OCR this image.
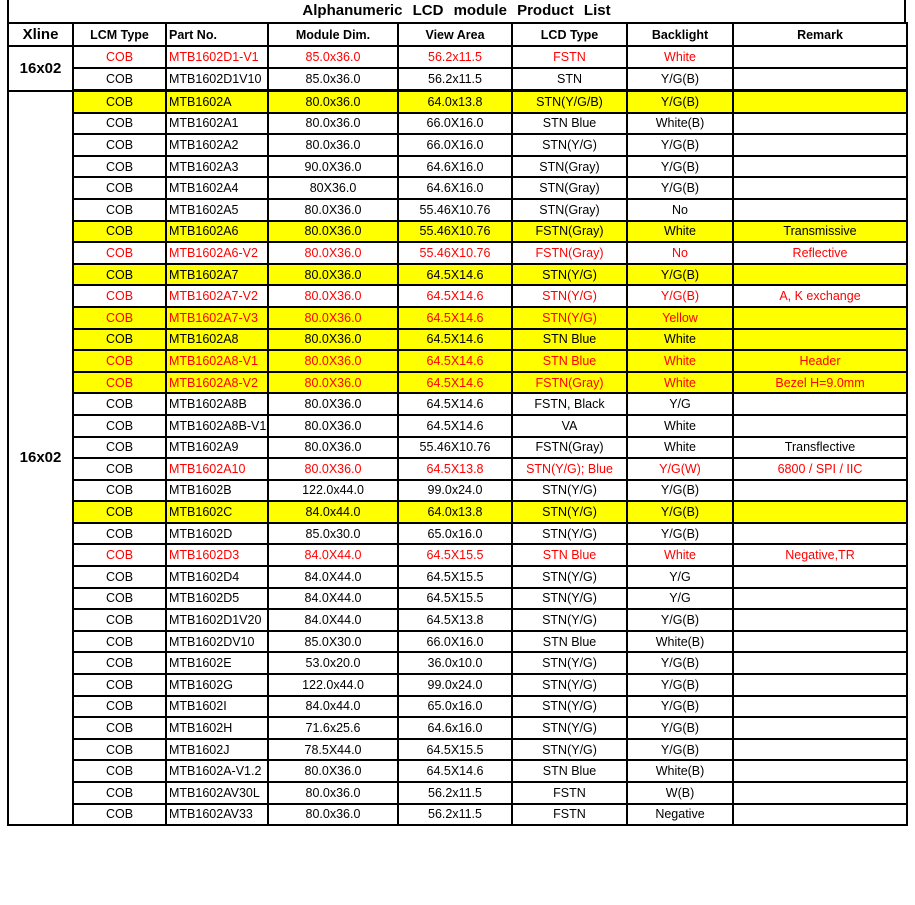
Alphanumeric LCD module Product List
Xline	LCM Type	Part No.	Module Dim.	View Area	LCD Type	Backlight	Remark
16x02	COB	MTB1602D1-V1	85.0x36.0	56.2x11.5	FSTN	White	
	COB	MTB1602D1V10	85.0x36.0	56.2x11.5	STN	Y/G(B)	
16x02	COB	MTB1602A	80.0x36.0	64.0x13.8	STN(Y/G/B)	Y/G(B)	
	COB	MTB1602A1	80.0x36.0	66.0X16.0	STN Blue	White(B)	
	COB	MTB1602A2	80.0x36.0	66.0X16.0	STN(Y/G)	Y/G(B)	
	COB	MTB1602A3	90.0X36.0	64.6X16.0	STN(Gray)	Y/G(B)	
	COB	MTB1602A4	80X36.0	64.6X16.0	STN(Gray)	Y/G(B)	
	COB	MTB1602A5	80.0X36.0	55.46X10.76	STN(Gray)	No	
	COB	MTB1602A6	80.0X36.0	55.46X10.76	FSTN(Gray)	White	Transmissive
	COB	MTB1602A6-V2	80.0X36.0	55.46X10.76	FSTN(Gray)	No	Reflective
	COB	MTB1602A7	80.0X36.0	64.5X14.6	STN(Y/G)	Y/G(B)	
	COB	MTB1602A7-V2	80.0X36.0	64.5X14.6	STN(Y/G)	Y/G(B)	A, K exchange
	COB	MTB1602A7-V3	80.0X36.0	64.5X14.6	STN(Y/G)	Yellow	
	COB	MTB1602A8	80.0X36.0	64.5X14.6	STN Blue	White	
	COB	MTB1602A8-V1	80.0X36.0	64.5X14.6	STN Blue	White	Header
	COB	MTB1602A8-V2	80.0X36.0	64.5X14.6	FSTN(Gray)	White	Bezel H=9.0mm
	COB	MTB1602A8B	80.0X36.0	64.5X14.6	FSTN, Black	Y/G	
	COB	MTB1602A8B-V1	80.0X36.0	64.5X14.6	VA	White	
	COB	MTB1602A9	80.0X36.0	55.46X10.76	FSTN(Gray)	White	Transflective
	COB	MTB1602A10	80.0X36.0	64.5X13.8	STN(Y/G); Blue	Y/G(W)	6800 / SPI / IIC
	COB	MTB1602B	122.0x44.0	99.0x24.0	STN(Y/G)	Y/G(B)	
	COB	MTB1602C	84.0x44.0	64.0x13.8	STN(Y/G)	Y/G(B)	
	COB	MTB1602D	85.0x30.0	65.0x16.0	STN(Y/G)	Y/G(B)	
	COB	MTB1602D3	84.0X44.0	64.5X15.5	STN Blue	White	Negative,TR
	COB	MTB1602D4	84.0X44.0	64.5X15.5	STN(Y/G)	Y/G	
	COB	MTB1602D5	84.0X44.0	64.5X15.5	STN(Y/G)	Y/G	
	COB	MTB1602D1V20	84.0X44.0	64.5X13.8	STN(Y/G)	Y/G(B)	
	COB	MTB1602DV10	85.0X30.0	66.0X16.0	STN Blue	White(B)	
	COB	MTB1602E	53.0x20.0	36.0x10.0	STN(Y/G)	Y/G(B)	
	COB	MTB1602G	122.0x44.0	99.0x24.0	STN(Y/G)	Y/G(B)	
	COB	MTB1602I	84.0x44.0	65.0x16.0	STN(Y/G)	Y/G(B)	
	COB	MTB1602H	71.6x25.6	64.6x16.0	STN(Y/G)	Y/G(B)	
	COB	MTB1602J	78.5X44.0	64.5X15.5	STN(Y/G)	Y/G(B)	
	COB	MTB1602A-V1.2	80.0X36.0	64.5X14.6	STN Blue	White(B)	
	COB	MTB1602AV30L	80.0x36.0	56.2x11.5	FSTN	W(B)	
	COB	MTB1602AV33	80.0x36.0	56.2x11.5	FSTN	Negative	
